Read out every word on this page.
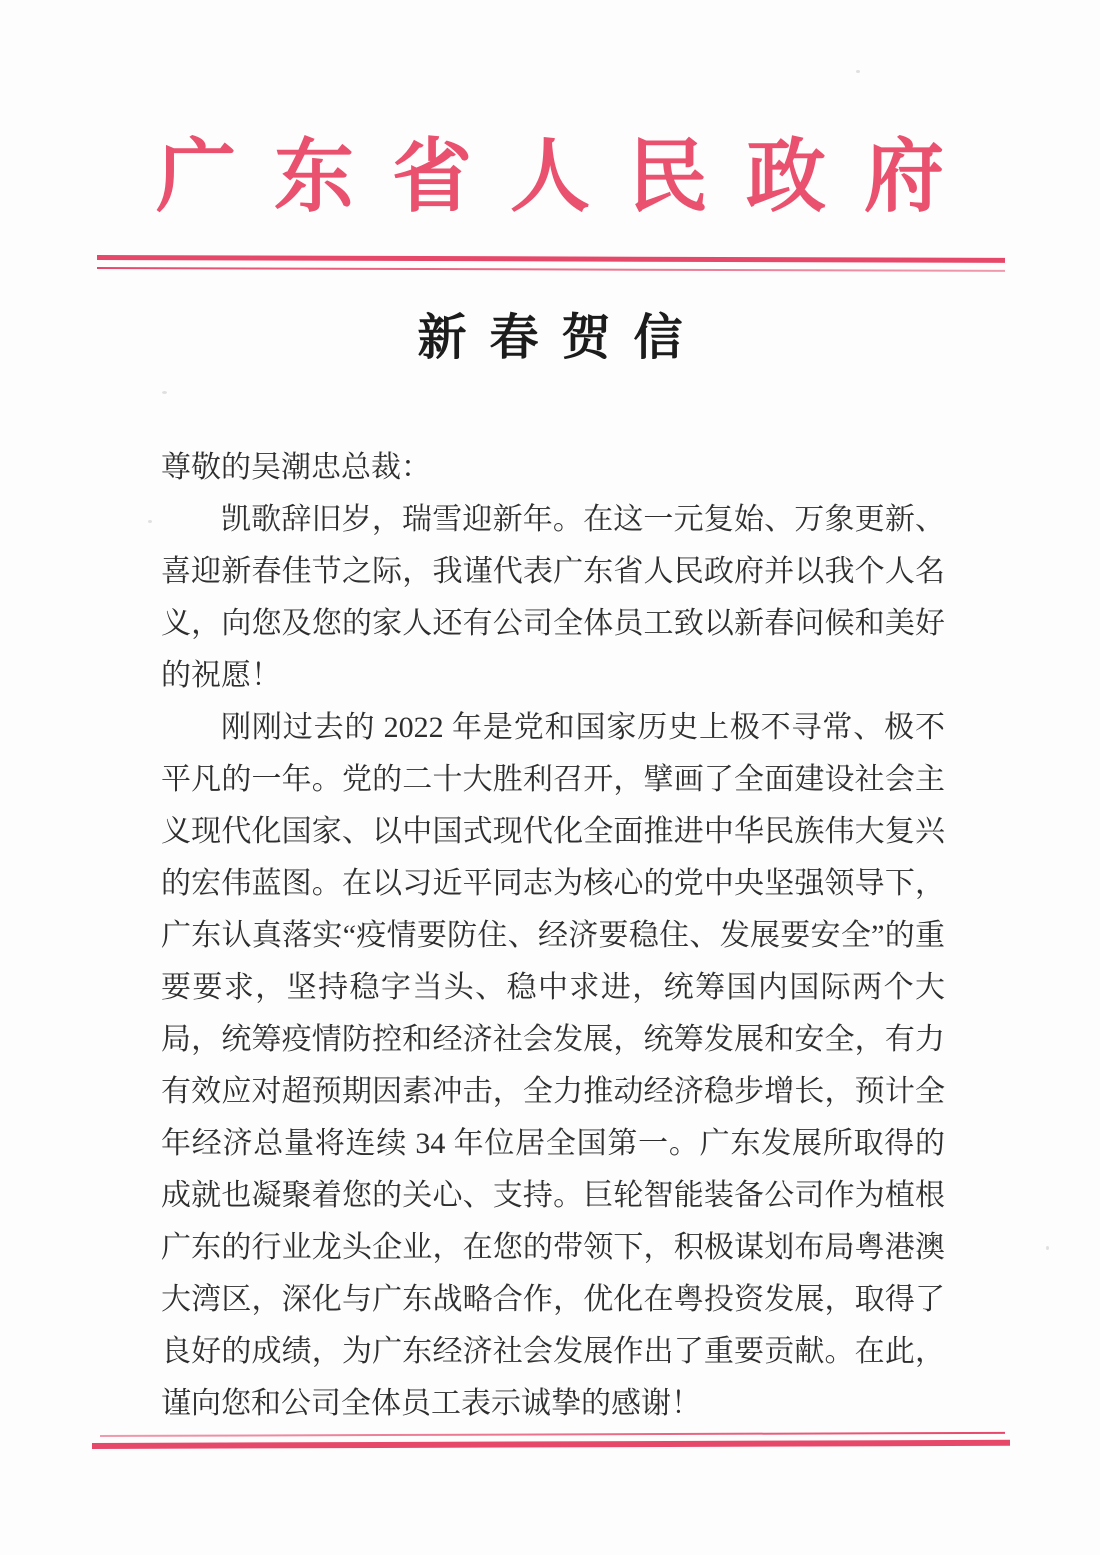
广东省人民政府
新春贺信

尊敬的吴潮忠总裁：

凯歌辞旧岁，瑞雪迎新年。在这一元复始、万象更新、喜迎新春佳节之际，我谨代表广东省人民政府并以我个人名义，向您及您的家人还有公司全体员工致以新春问候和美好的祝愿！

刚刚过去的 2022 年是党和国家历史上极不寻常、极不平凡的一年。党的二十大胜利召开，擘画了全面建设社会主义现代化国家、以中国式现代化全面推进中华民族伟大复兴的宏伟蓝图。在以习近平同志为核心的党中央坚强领导下，广东认真落实“疫情要防住、经济要稳住、发展要安全”的重要要求，坚持稳字当头、稳中求进，统筹国内国际两个大局，统筹疫情防控和经济社会发展，统筹发展和安全，有力有效应对超预期因素冲击，全力推动经济稳步增长，预计全年经济总量将连续 34 年位居全国第一。广东发展所取得的成就也凝聚着您的关心、支持。巨轮智能装备公司作为植根广东的行业龙头企业，在您的带领下，积极谋划布局粤港澳大湾区，深化与广东战略合作，优化在粤投资发展，取得了良好的成绩，为广东经济社会发展作出了重要贡献。在此，谨向您和公司全体员工表示诚挚的感谢！
